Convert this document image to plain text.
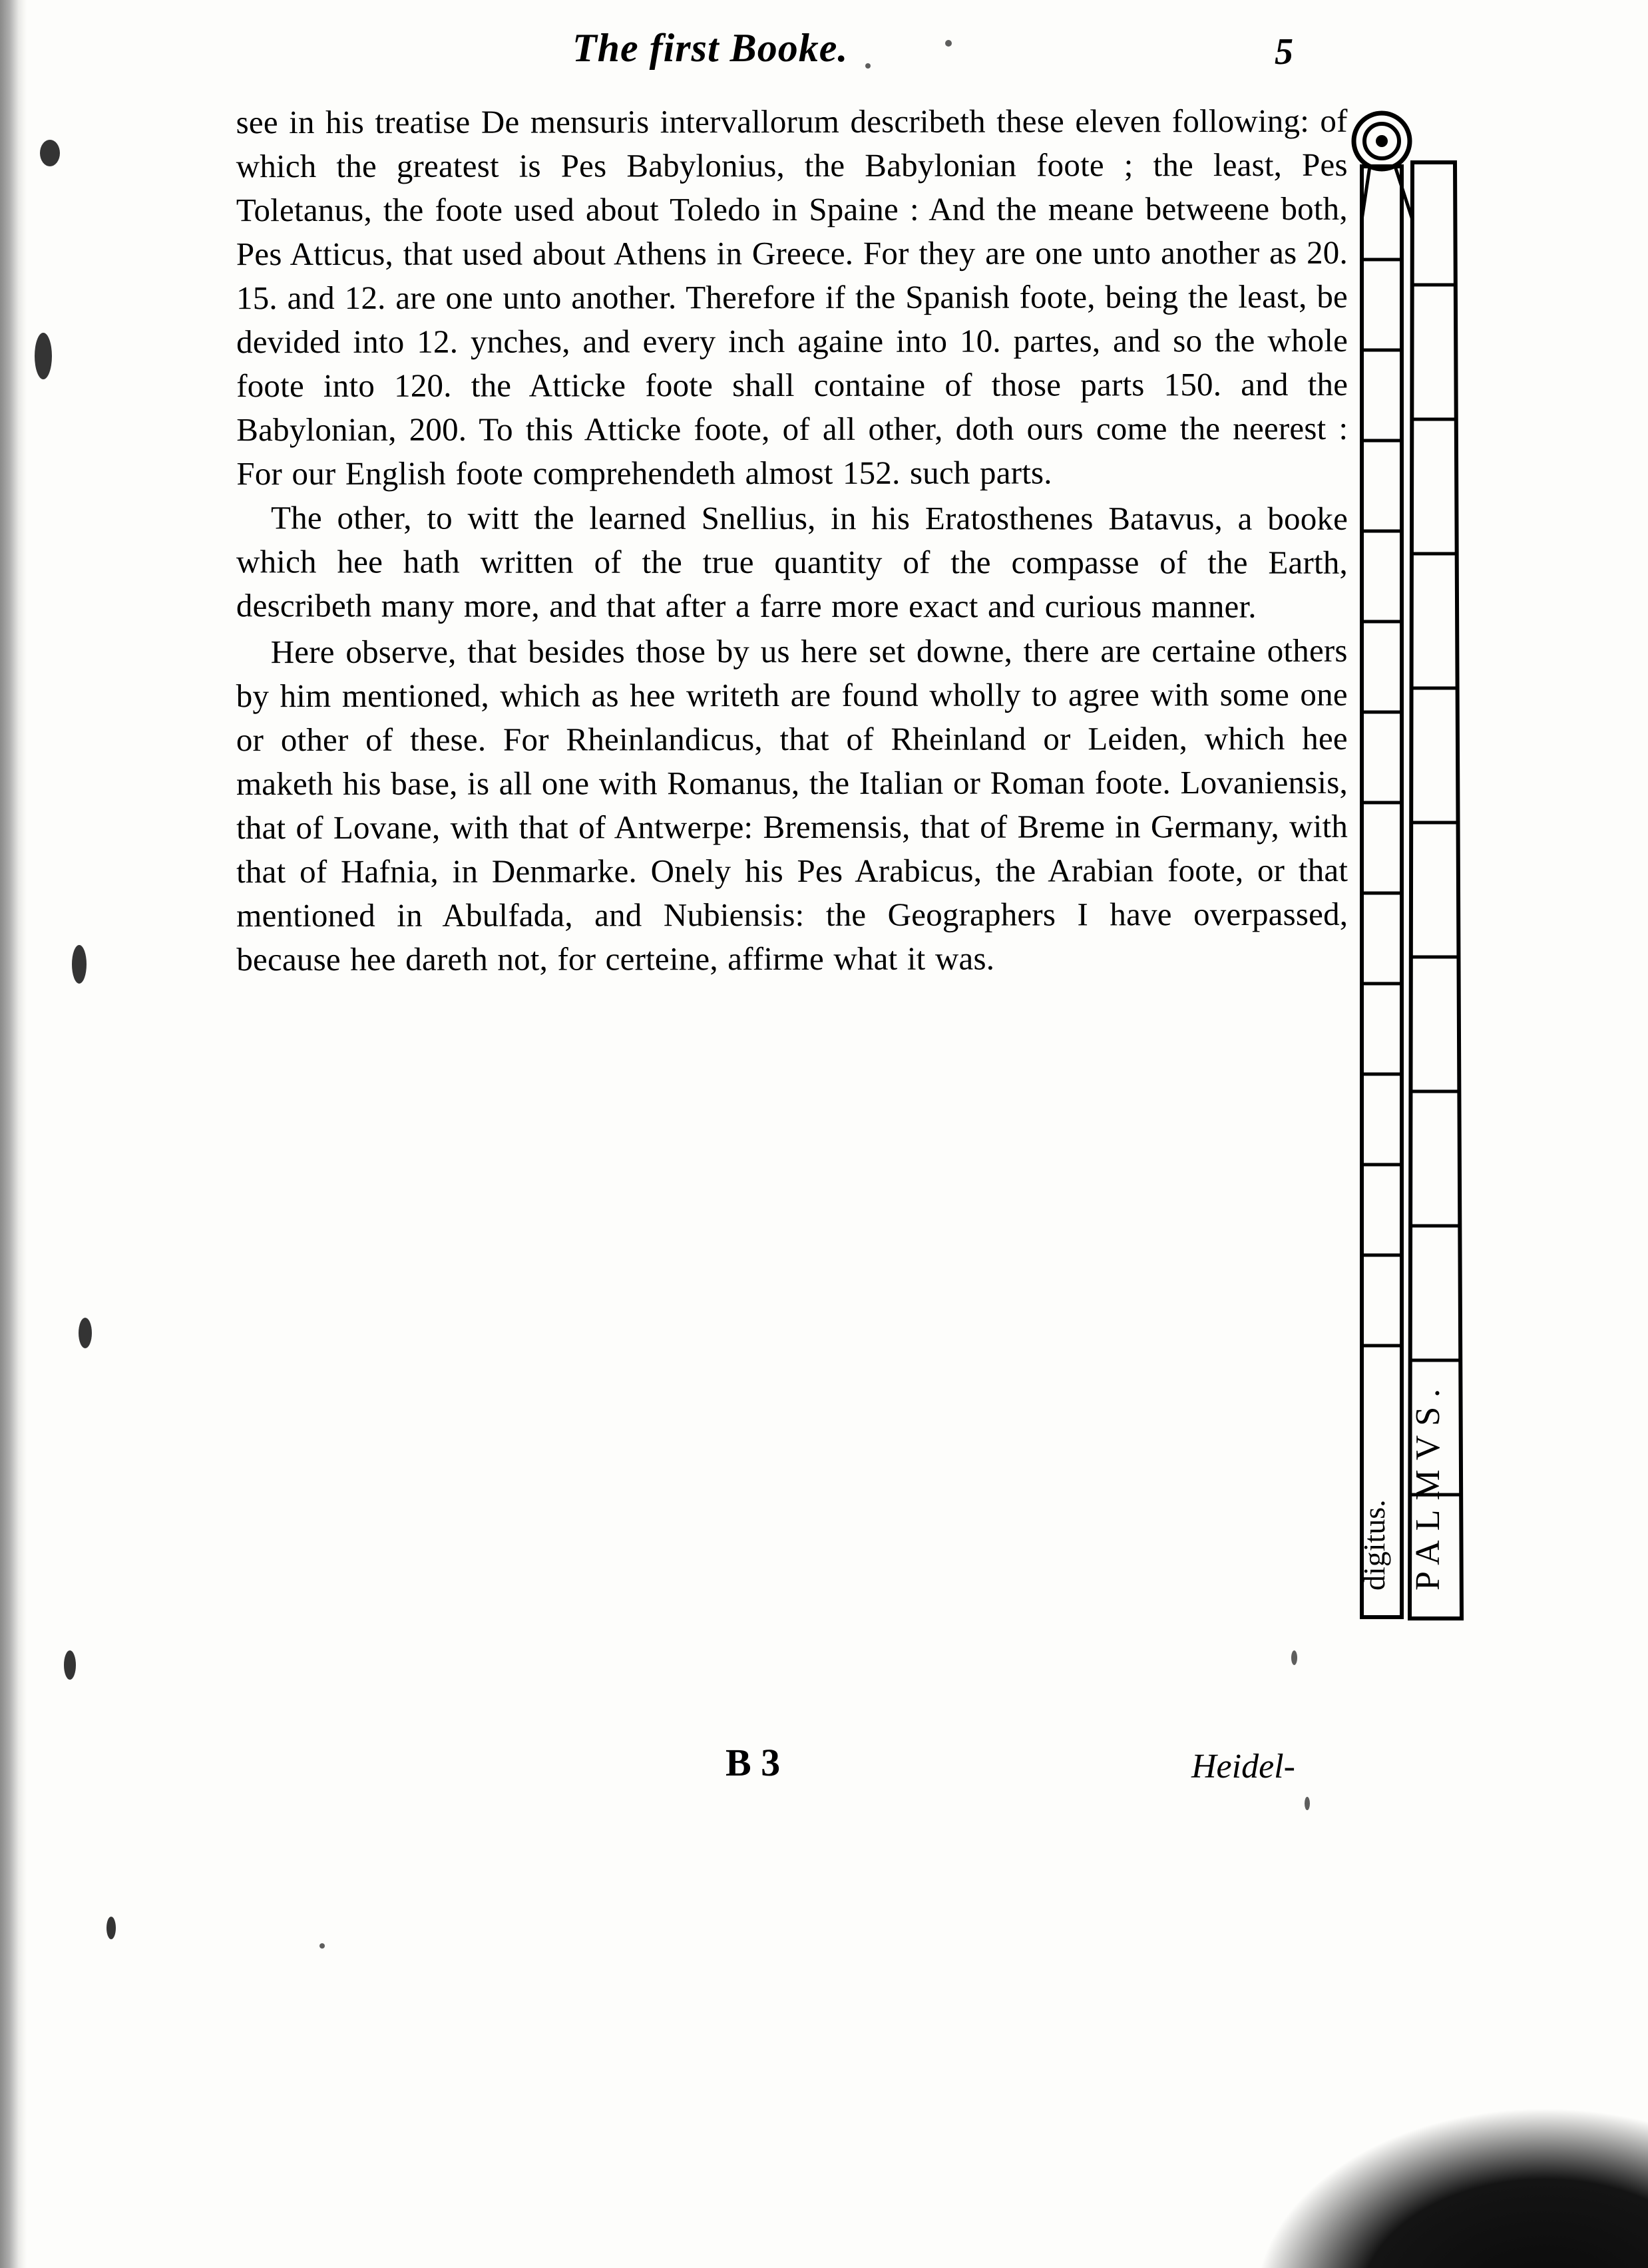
The first Booke.	5

see in his treatise De mensuris intervallorum describeth these eleven following: of which the greatest is Pes Babylonius, the Babylonian foote ; the least, Pes Toletanus, the foote used about Toledo in Spaine : And the meane betweene both, Pes Atticus, that used about Athens in Greece. For they are one unto another as 20. 15. and 12. are one unto another. Therefore if the Spanish foote, being the least, be devided into 12. ynches, and every inch againe into 10. partes, and so the whole foote into 120. the Atticke foote shall containe of those parts 150. and the Babylonian, 200. To this Atticke foote, of all other, doth ours come the neerest : For our English foote comprehendeth almost 152. such parts.

The other, to witt the learned Snellius, in his Eratosthenes Batavus, a booke which hee hath written of the true quantity of the compasse of the Earth, describeth many more, and that after a farre more exact and curious manner.

Here observe, that besides those by us here set downe, there are certaine others by him mentioned, which as hee writeth are found wholly to agree with some one or other of these. For Rheinlandicus, that of Rheinland or Leiden, which hee maketh his base, is all one with Romanus, the Italian or Roman foote. Lovaniensis, that of Lovane, with that of Antwerpe: Bremensis, that of Breme in Germany, with that of Hafnia, in Denmarke. Onely his Pes Arabicus, the Arabian foote, or that mentioned in Abulfada, and Nubiensis: the Geographers I have overpassed, because hee dareth not, for certeine, affirme what it was.

digitus. PALMVS.
B 3	Heidel-
